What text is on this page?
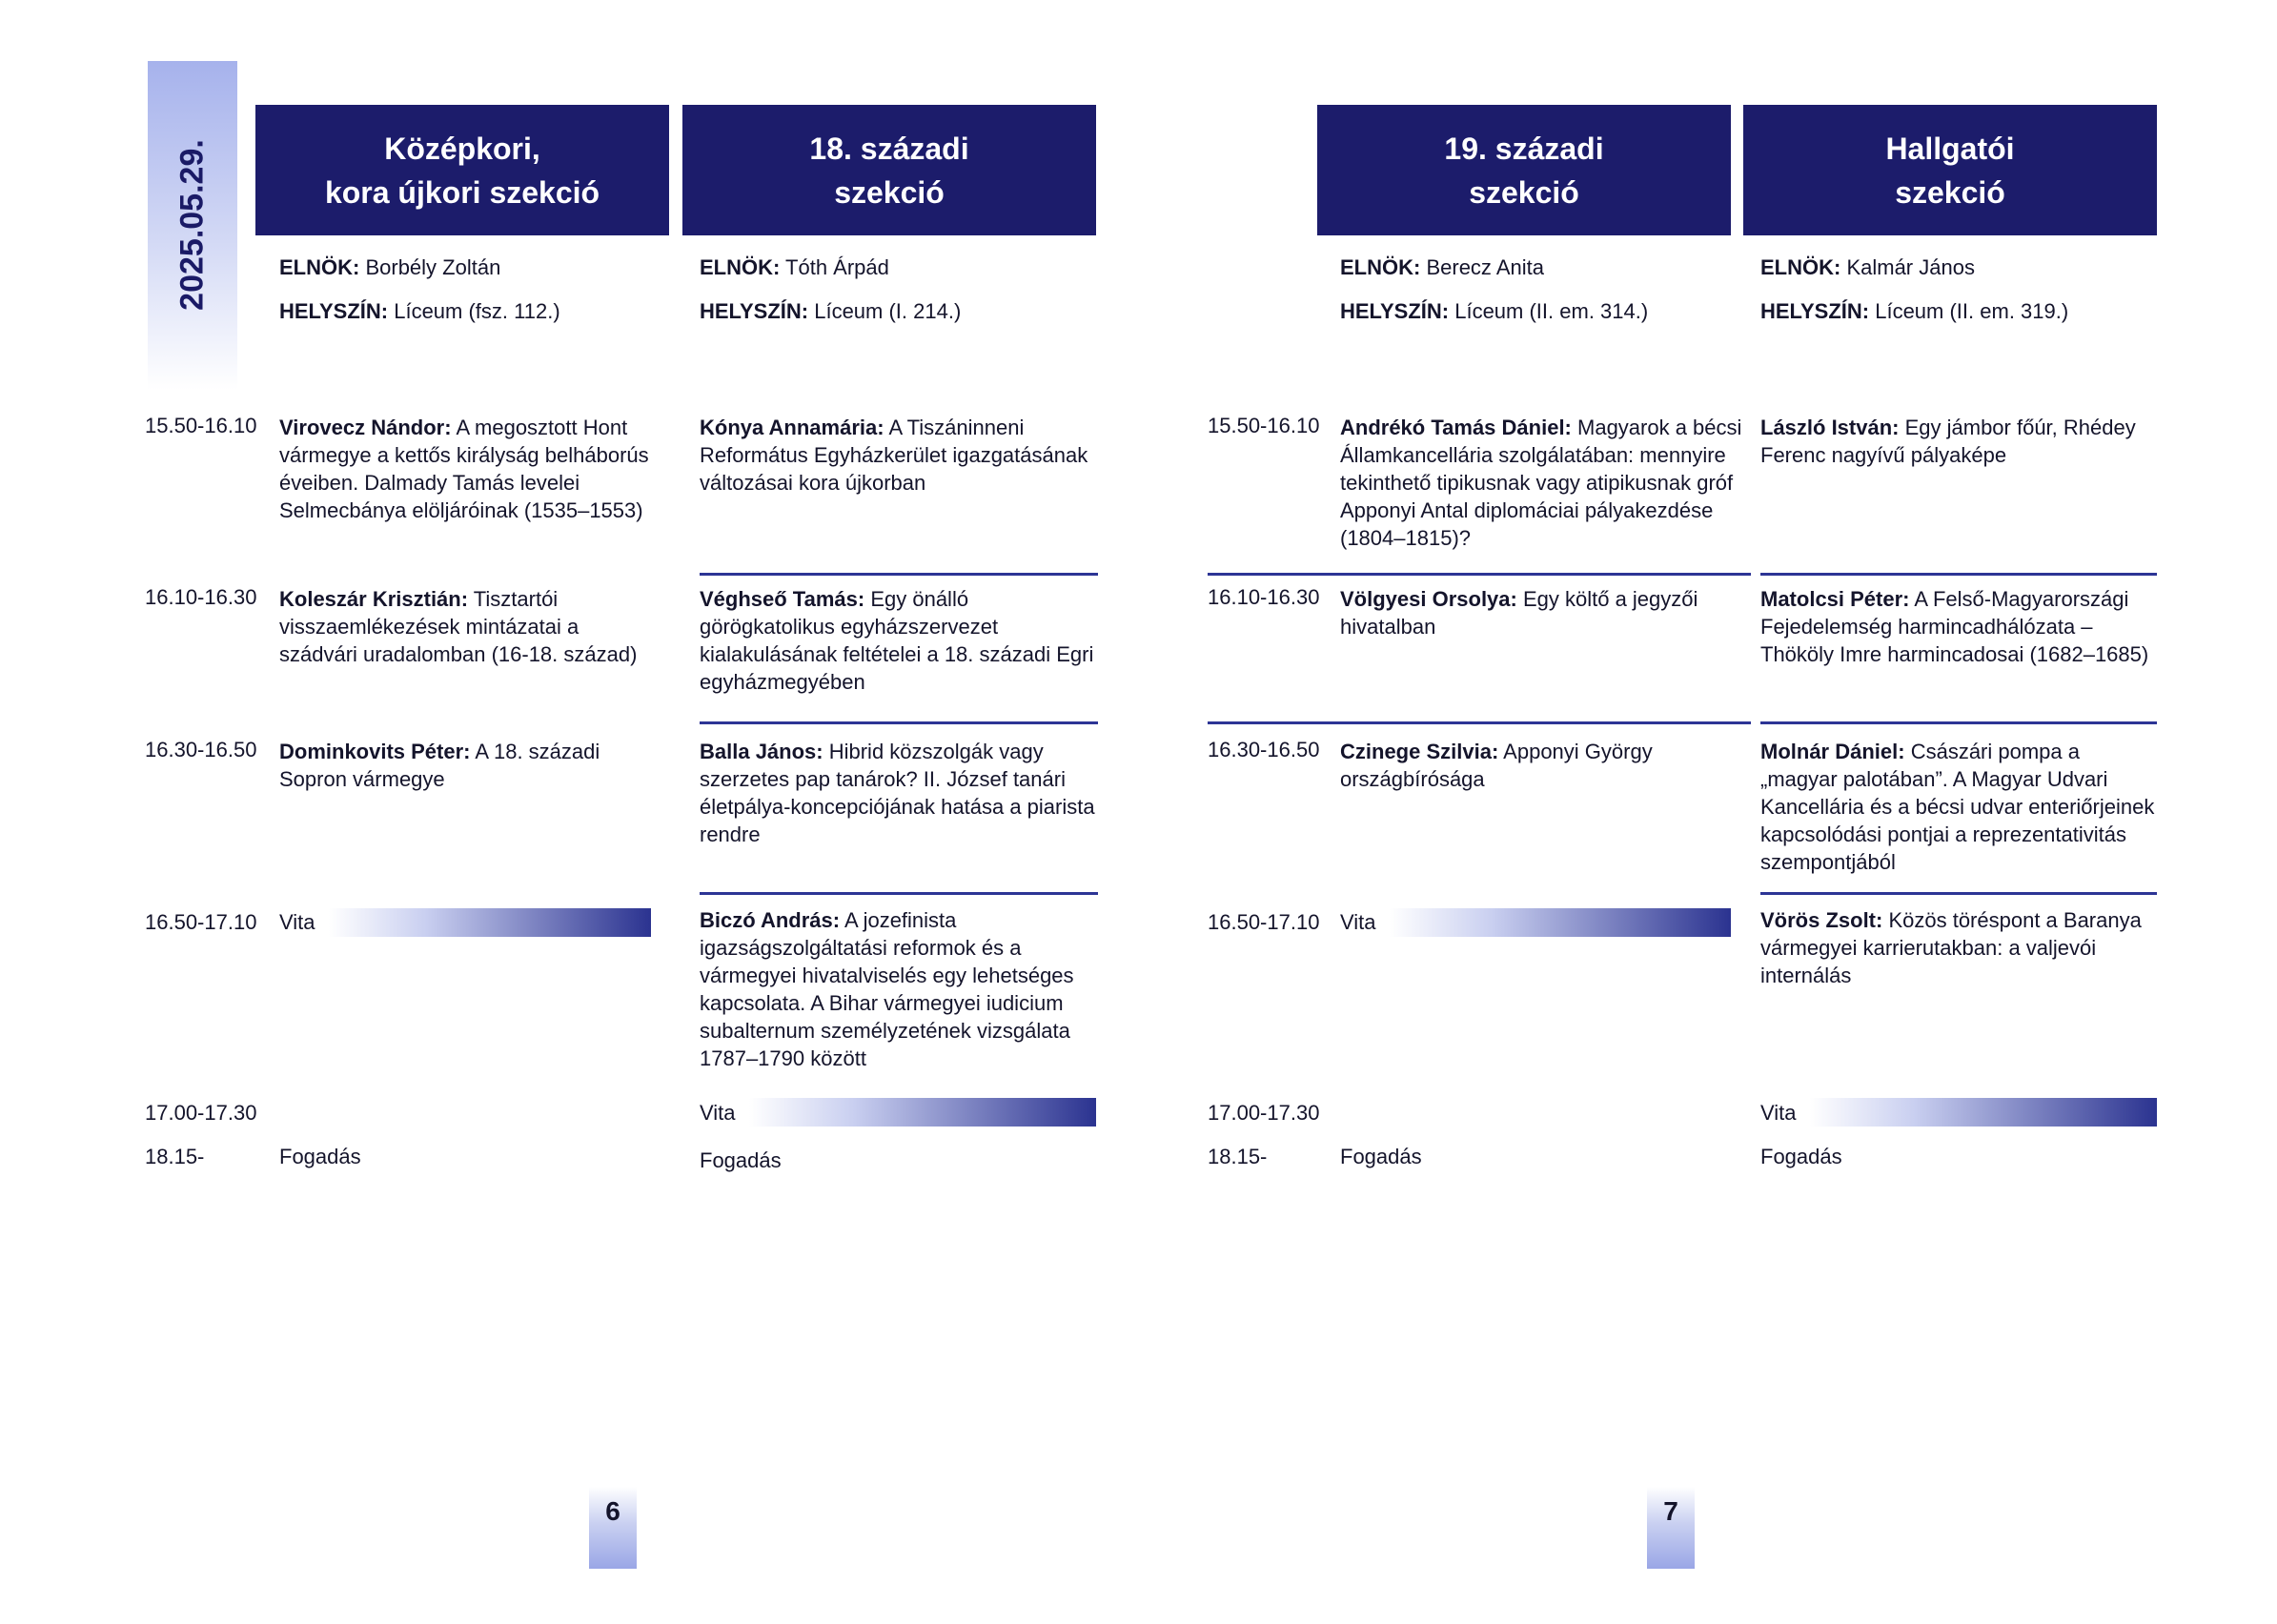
2025.05.29.	Középkori,
kora újkori szekció
18. századi
szekció
ELNÖK: Borbély Zoltán
HELYSZÍN: Líceum (fsz. 112.)
ELNÖK: Tóth Árpád
HELYSZÍN: Líceum (I. 214.)
15.50-16.10
16.10-16.30
16.30-16.50
16.50-17.10
17.00-17.30
18.15-
Virovecz Nándor: A megosztott Hont vármegye a kettős királyság belháborús éveiben. Dalmady Tamás levelei Selmecbánya elöljáróinak (1535–1553)
Koleszár Krisztián: Tisztartói visszaemlékezések mintázatai a szádvári uradalomban (16-18. század)
Dominkovits Péter: A 18. századi Sopron vármegye
Vita
Fogadás
Kónya Annamária: A Tiszáninneni Református Egyházkerület igazgatásának változásai kora újkorban
Véghseő Tamás: Egy önálló görögkatolikus egyházszervezet kialakulásának feltételei a 18. századi Egri egyházmegyében
Balla János: Hibrid közszolgák vagy szerzetes pap tanárok? II. József tanári életpálya-koncepciójának hatása a piarista rendre
Biczó András: A jozefinista igazságszolgáltatási reformok és a vármegyei hivatalviselés egy lehetséges kapcsolata. A Bihar vármegyei iudicium subalternum személyzetének vizsgálata 1787–1790 között
Vita
Fogadás
6
19. századi
szekció
Hallgatói
szekció
ELNÖK: Berecz Anita
HELYSZÍN: Líceum (II. em. 314.)
ELNÖK: Kalmár János
HELYSZÍN: Líceum (II. em. 319.)
15.50-16.10
16.10-16.30
16.30-16.50
16.50-17.10
17.00-17.30
18.15-
Andrékó Tamás Dániel: Magyarok a bécsi Államkancellária szolgálatában: mennyire tekinthető tipikusnak vagy atipikusnak gróf Apponyi Antal diplomáciai pályakezdése (1804–1815)?
Völgyesi Orsolya: Egy költő a jegyzői hivatalban
Czinege Szilvia: Apponyi György országbírósága
Vita
Fogadás
László István: Egy jámbor főúr, Rhédey Ferenc nagyívű pályaképe
Matolcsi Péter: A Felső-Magyarországi Fejedelemség harmincadhálózata – Thököly Imre harmincadosai (1682–1685)
Molnár Dániel: Császári pompa a „magyar palotában”. A Magyar Udvari Kancellária és a bécsi udvar enteriőrjeinek kapcsolódási pontjai a reprezentativitás szempontjából
Vörös Zsolt: Közös töréspont a Baranya vármegyei karrierutakban: a valjevói internálás
Vita
Fogadás
7
